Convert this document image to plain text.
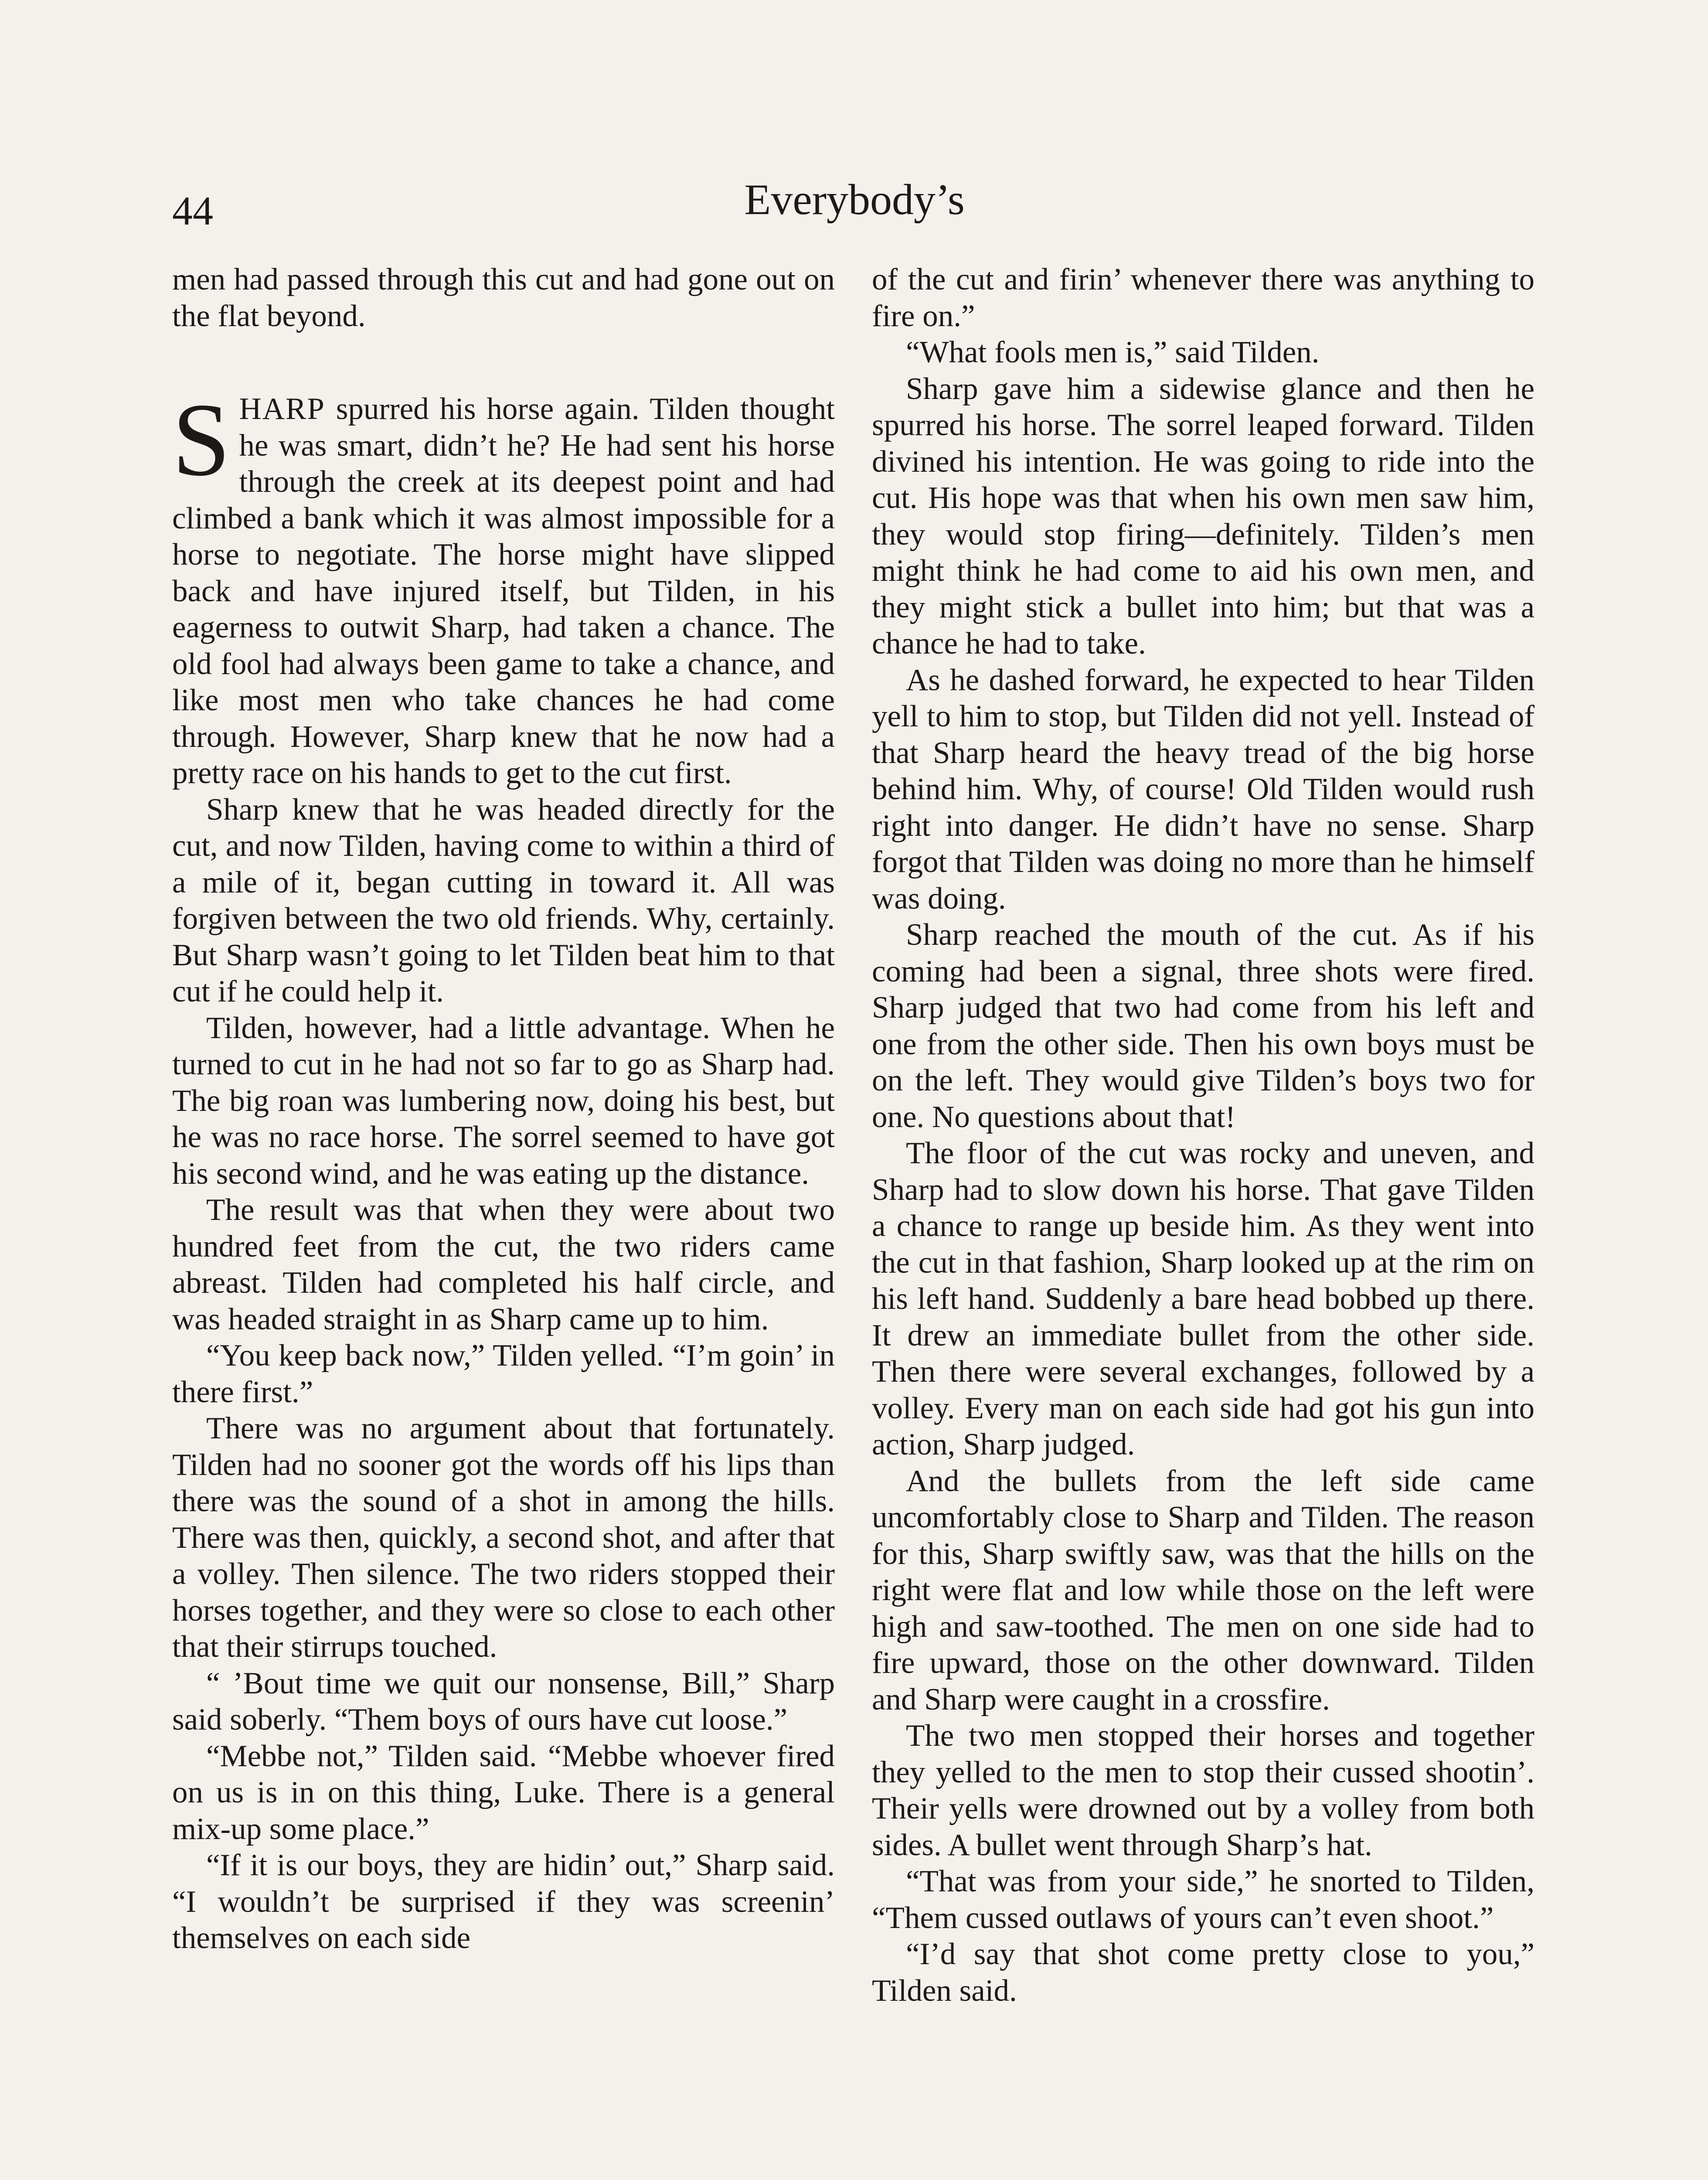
44	Everybody’s

men had passed through this cut and had gone out on the flat beyond.

SHARP spurred his horse again. Tilden thought he was smart, didn’t he? He had sent his horse through the creek at its deepest point and had climbed a bank which it was almost impossible for a horse to negotiate. The horse might have slipped back and have injured itself, but Tilden, in his eagerness to outwit Sharp, had taken a chance. The old fool had always been game to take a chance, and like most men who take chances he had come through. However, Sharp knew that he now had a pretty race on his hands to get to the cut first.

Sharp knew that he was headed directly for the cut, and now Tilden, having come to within a third of a mile of it, began cutting in toward it. All was forgiven between the two old friends. Why, certainly. But Sharp wasn’t going to let Tilden beat him to that cut if he could help it.

Tilden, however, had a little advantage. When he turned to cut in he had not so far to go as Sharp had. The big roan was lumbering now, doing his best, but he was no race horse. The sorrel seemed to have got his second wind, and he was eating up the distance.

The result was that when they were about two hundred feet from the cut, the two riders came abreast. Tilden had completed his half circle, and was headed straight in as Sharp came up to him.

“You keep back now,” Tilden yelled. “I’m goin’ in there first.”

There was no argument about that fortunately. Tilden had no sooner got the words off his lips than there was the sound of a shot in among the hills. There was then, quickly, a second shot, and after that a volley. Then silence. The two riders stopped their horses together, and they were so close to each other that their stirrups touched.

“ ’Bout time we quit our nonsense, Bill,” Sharp said soberly. “Them boys of ours have cut loose.”

“Mebbe not,” Tilden said. “Mebbe whoever fired on us is in on this thing, Luke. There is a general mix-up some place.”

“If it is our boys, they are hidin’ out,” Sharp said. “I wouldn’t be surprised if they was screenin’ themselves on each side

of the cut and firin’ whenever there was anything to fire on.”

“What fools men is,” said Tilden.

Sharp gave him a sidewise glance and then he spurred his horse. The sorrel leaped forward. Tilden divined his intention. He was going to ride into the cut. His hope was that when his own men saw him, they would stop firing—definitely. Tilden’s men might think he had come to aid his own men, and they might stick a bullet into him; but that was a chance he had to take.

As he dashed forward, he expected to hear Tilden yell to him to stop, but Tilden did not yell. Instead of that Sharp heard the heavy tread of the big horse behind him. Why, of course! Old Tilden would rush right into danger. He didn’t have no sense. Sharp forgot that Tilden was doing no more than he himself was doing.

Sharp reached the mouth of the cut. As if his coming had been a signal, three shots were fired. Sharp judged that two had come from his left and one from the other side. Then his own boys must be on the left. They would give Tilden’s boys two for one. No questions about that!

The floor of the cut was rocky and uneven, and Sharp had to slow down his horse. That gave Tilden a chance to range up beside him. As they went into the cut in that fashion, Sharp looked up at the rim on his left hand. Suddenly a bare head bobbed up there. It drew an immediate bullet from the other side. Then there were several exchanges, followed by a volley. Every man on each side had got his gun into action, Sharp judged.

And the bullets from the left side came uncomfortably close to Sharp and Tilden. The reason for this, Sharp swiftly saw, was that the hills on the right were flat and low while those on the left were high and saw-toothed. The men on one side had to fire upward, those on the other downward. Tilden and Sharp were caught in a crossfire.

The two men stopped their horses and together they yelled to the men to stop their cussed shootin’. Their yells were drowned out by a volley from both sides. A bullet went through Sharp’s hat.

“That was from your side,” he snorted to Tilden, “Them cussed outlaws of yours can’t even shoot.”

“I’d say that shot come pretty close to you,” Tilden said.
